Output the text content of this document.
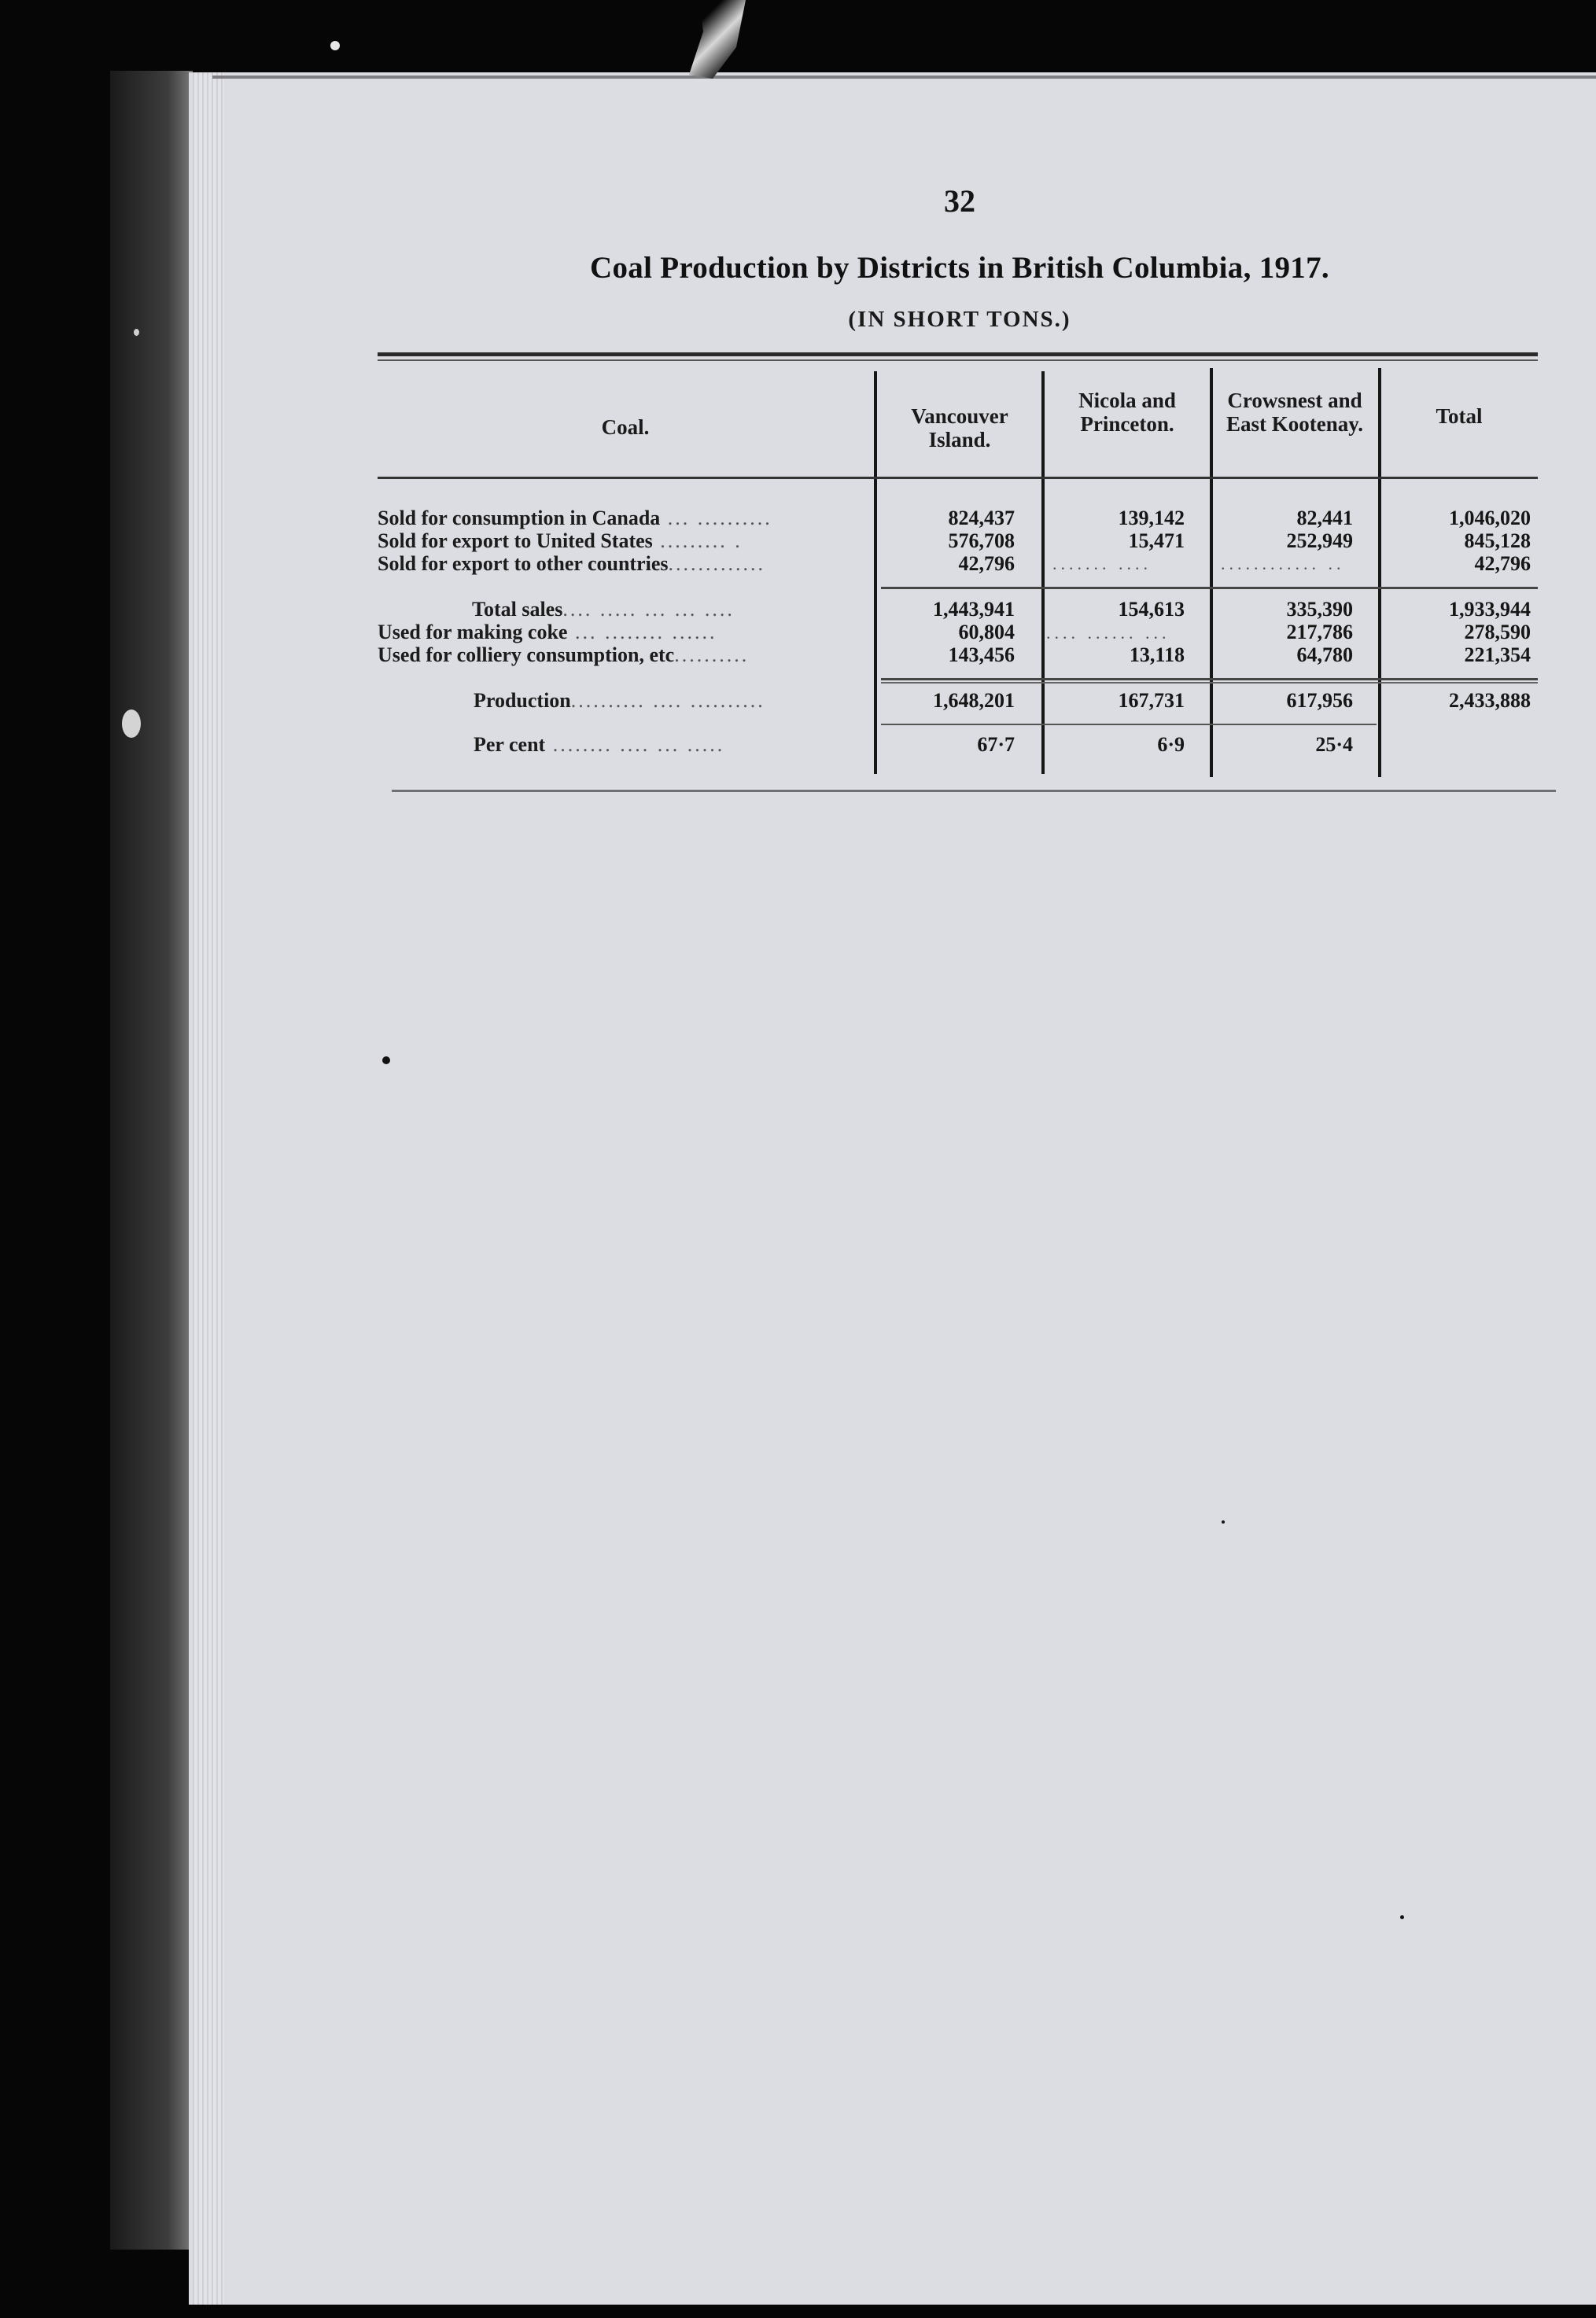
32
Coal Production by Districts in British Columbia, 1917.
(IN SHORT TONS.)
Coal.	Vancouver Island.
Nicola and Princeton.
Crowsnest and East Kootenay.	Total
Sold for consumption in Canada ... ..........
Sold for export to United States ......... .
Sold for export to other countries.............
Total sales.... ..... ... ... ....
Used for making coke ... ........ ......
Used for colliery consumption, etc..........
Production.......... .... ..........
Per cent ........ .... ... .....
824,437
576,708
42,796
1,443,941
60,804
143,456
1,648,201
67·7
139,142
15,471
....... ....
154,613
.... ...... ...
13,118
167,731
6·9
82,441
252,949
............ ..
335,390
217,786
64,780
617,956
25·4
1,046,020
845,128
42,796
1,933,944
278,590
221,354
2,433,888
